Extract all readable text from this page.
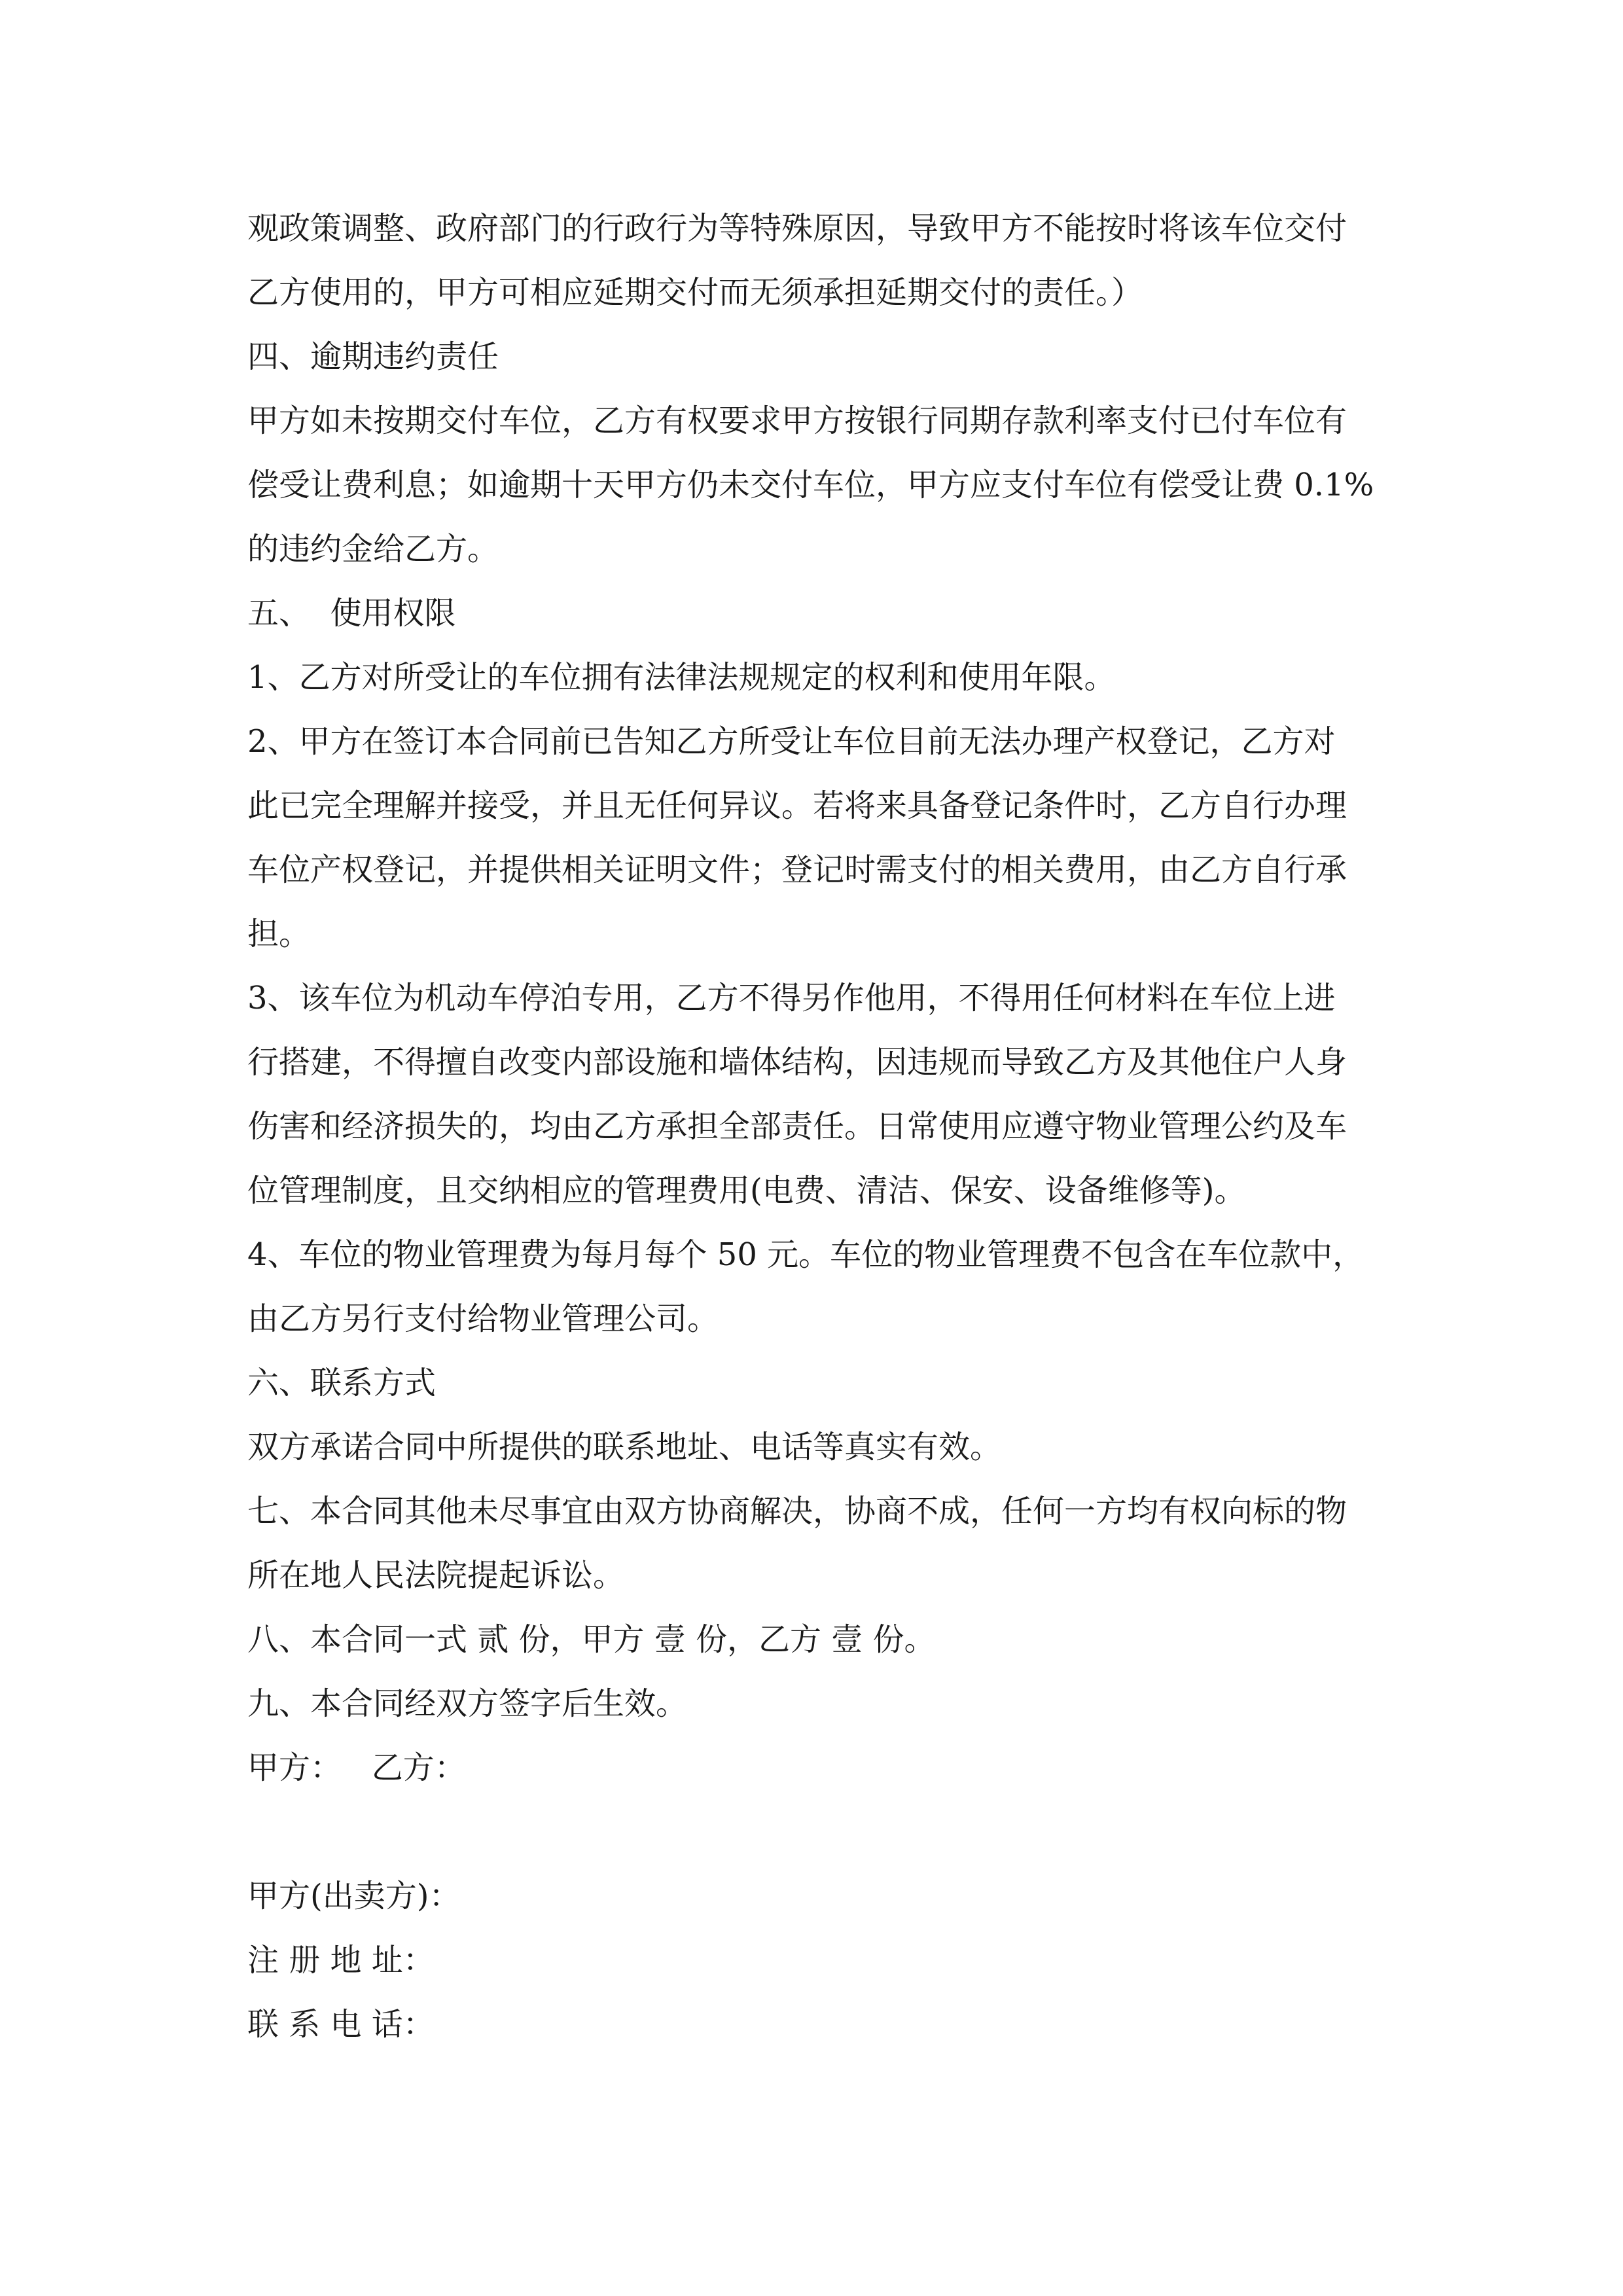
观政策调整、政府部门的行政行为等特殊原因，导致甲方不能按时将该车位交付

乙方使用的，甲方可相应延期交付而无须承担延期交付的责任。）

四、逾期违约责任

甲方如未按期交付车位，乙方有权要求甲方按银行同期存款利率支付已付车位有

偿受让费利息；如逾期十天甲方仍未交付车位，甲方应支付车位有偿受让费 0.1%

的违约金给乙方。

五、  使用权限

1、乙方对所受让的车位拥有法律法规规定的权利和使用年限。

2、甲方在签订本合同前已告知乙方所受让车位目前无法办理产权登记，乙方对

此已完全理解并接受，并且无任何异议。若将来具备登记条件时，乙方自行办理

车位产权登记，并提供相关证明文件；登记时需支付的相关费用，由乙方自行承

担。

3、该车位为机动车停泊专用，乙方不得另作他用，不得用任何材料在车位上进

行搭建，不得擅自改变内部设施和墙体结构，因违规而导致乙方及其他住户人身

伤害和经济损失的，均由乙方承担全部责任。日常使用应遵守物业管理公约及车

位管理制度，且交纳相应的管理费用(电费、清洁、保安、设备维修等)。

4、车位的物业管理费为每月每个 50 元。车位的物业管理费不包含在车位款中，

由乙方另行支付给物业管理公司。

六、联系方式

双方承诺合同中所提供的联系地址、电话等真实有效。

七、本合同其他未尽事宜由双方协商解决，协商不成，任何一方均有权向标的物

所在地人民法院提起诉讼。

八、本合同一式 贰 份，甲方 壹 份，乙方 壹 份。

九、本合同经双方签字后生效。

甲方：   乙方：

甲方(出卖方)：

注 册 地 址：

联 系 电 话：
